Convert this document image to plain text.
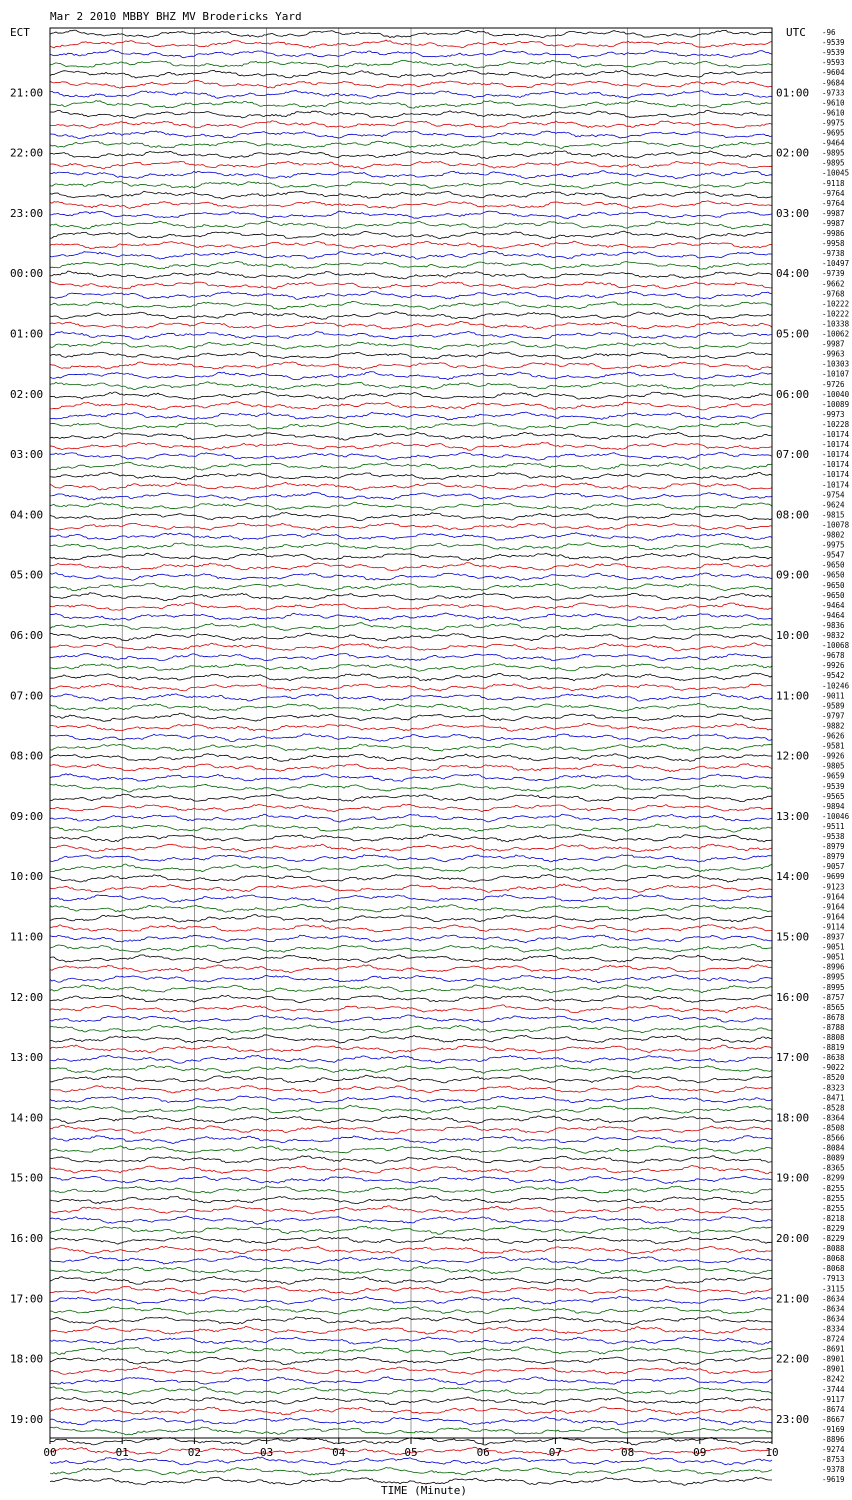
Mar 2 2010 MBBY BHZ MV Brodericks Yard
ECT	UTC
21:00
22:00
23:00
00:00
01:00
02:00
03:00
04:00
05:00
06:00
07:00
08:00
09:00
10:00
11:00
12:00
13:00
14:00
15:00
16:00
17:00
18:00
19:00
01:00
02:00
03:00
04:00
05:00
06:00
07:00
08:00
09:00
10:00
11:00
12:00
13:00
14:00
15:00
16:00
17:00
18:00
19:00
20:00
21:00
22:00
23:00
-96
-9539
-9539
-9593
-9604
-9684
-9733
-9610
-9610
-9975
-9695
-9464
-9895
-9895
-10045
-9118
-9764
-9764
-9987
-9987
-9986
-9958
-9738
-10497
-9739
-9662
-9768
-10222
-10222
-10338
-10062
-9987
-9963
-10303
-10107
-9726
-10040
-10089
-9973
-10228
-10174
-10174
-10174
-10174
-10174
-10174
-9754
-9624
-9815
-10078
-9802
-9975
-9547
-9650
-9650
-9650
-9650
-9464
-9464
-9836
-9832
-10068
-9678
-9926
-9542
-10246
-9011
-9589
-9797
-9882
-9626
-9581
-9926
-9805
-9659
-9539
-9565
-9894
-10046
-9511
-9538
-8979
-8979
-9057
-9699
-9123
-9164
-9164
-9164
-9114
-8937
-9051
-9051
-8996
-8995
-8995
-8757
-8565
-8678
-8788
-8808
-8819
-8638
-9022
-8520
-8323
-8471
-8528
-8364
-8508
-8566
-8084
-8089
-8365
-8299
-8255
-8255
-8255
-8218
-8229
-8229
-8088
-8068
-8068
-7913
-3115
-8634
-8634
-8634
-8334
-8724
-8691
-8901
-8901
-8242
-3744
-9117
-8674
-8667
-9169
-8896
-9274
-8753
-9378
-9619
00	01	02	03	04	05	06	07	08	09	10
TIME (Minute)
